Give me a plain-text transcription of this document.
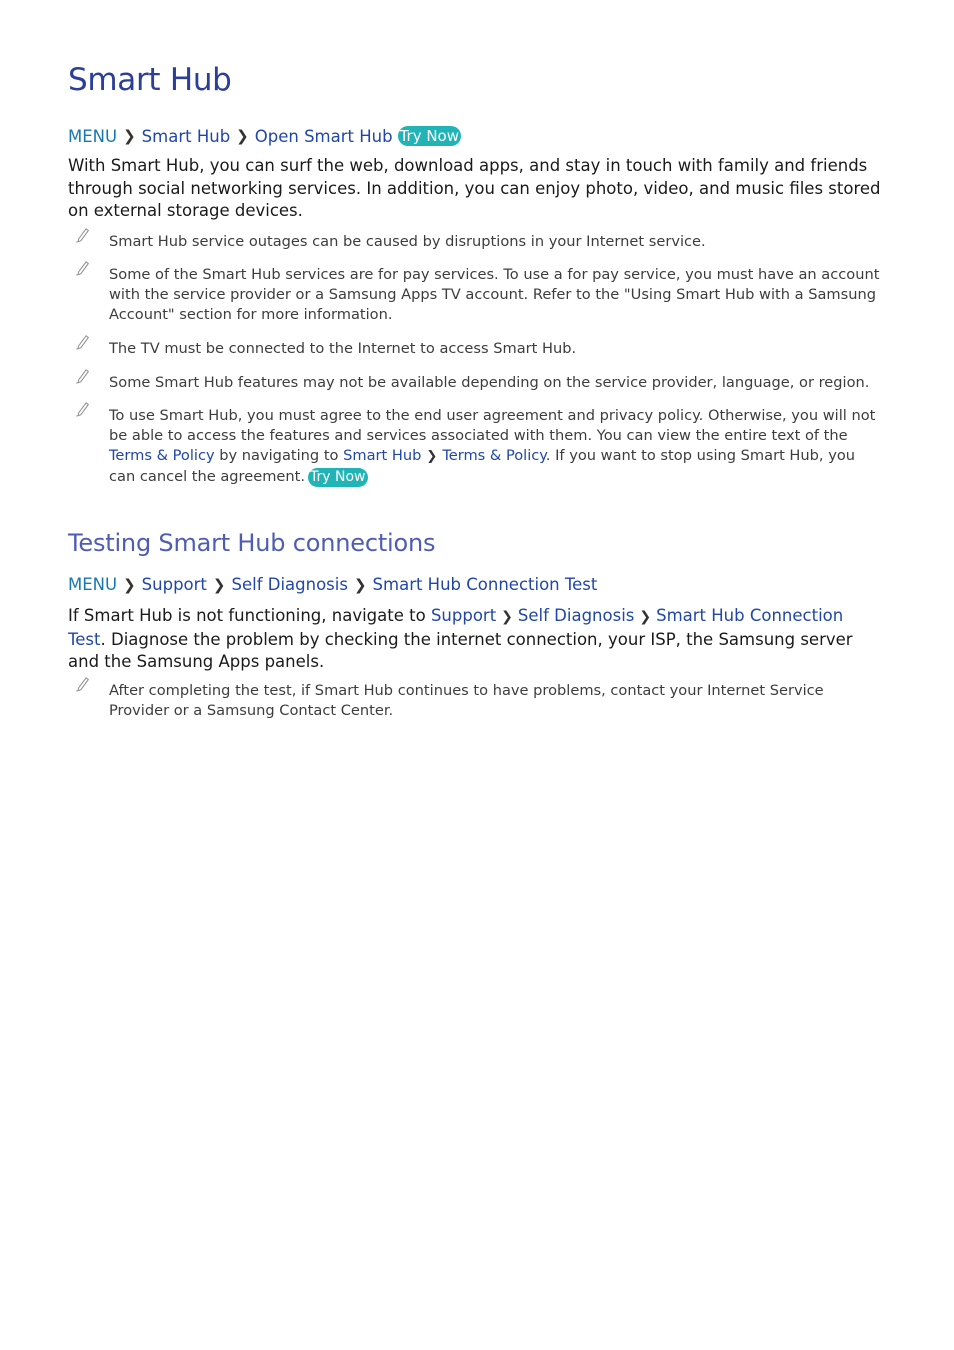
Smart Hub
MENU ❯ Smart Hub ❯ Open Smart Hub Try Now

With Smart Hub, you can surf the web, download apps, and stay in touch with family and friends through social networking services. In addition, you can enjoy photo, video, and music files stored on external storage devices.

Smart Hub service outages can be caused by disruptions in your Internet service.

Some of the Smart Hub services are for pay services. To use a for pay service, you must have an account with the service provider or a Samsung Apps TV account. Refer to the "Using Smart Hub with a Samsung Account" section for more information.

The TV must be connected to the Internet to access Smart Hub.

Some Smart Hub features may not be available depending on the service provider, language, or region.

To use Smart Hub, you must agree to the end user agreement and privacy policy. Otherwise, you will not be able to access the features and services associated with them. You can view the entire text of the Terms & Policy by navigating to Smart Hub ❯ Terms & Policy. If you want to stop using Smart Hub, you can cancel the agreement. Try Now

Testing Smart Hub connections
MENU ❯ Support ❯ Self Diagnosis ❯ Smart Hub Connection Test

If Smart Hub is not functioning, navigate to Support ❯ Self Diagnosis ❯ Smart Hub Connection Test. Diagnose the problem by checking the internet connection, your ISP, the Samsung server and the Samsung Apps panels.

After completing the test, if Smart Hub continues to have problems, contact your Internet Service Provider or a Samsung Contact Center.
